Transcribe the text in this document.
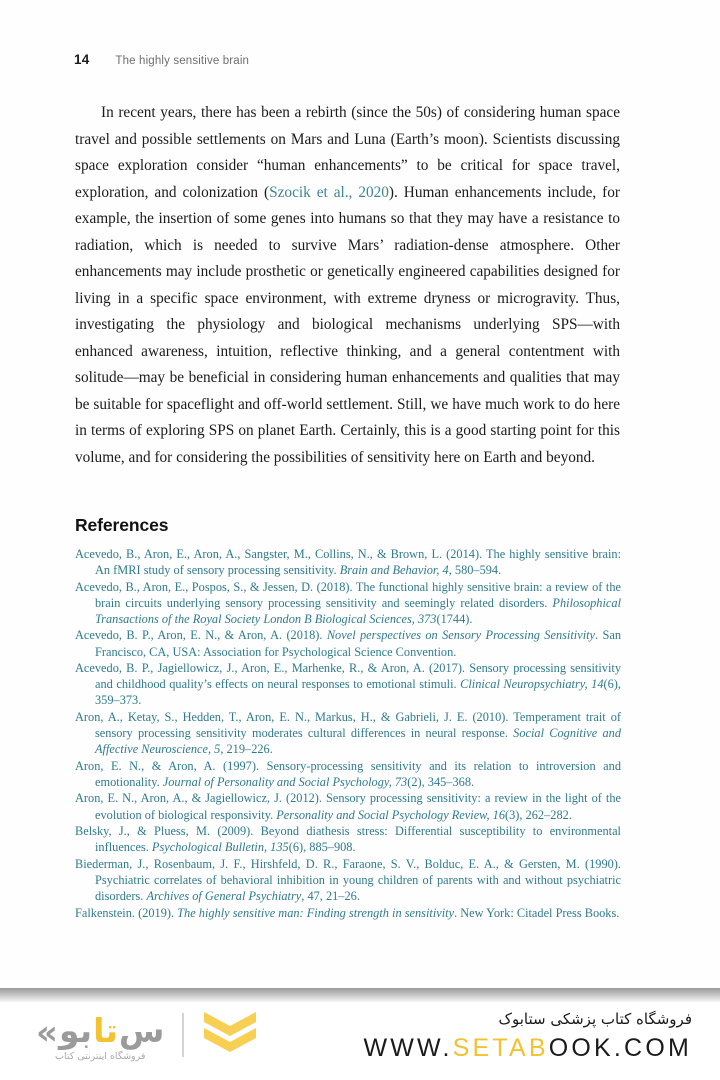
14 The highly sensitive brain

In recent years, there has been a rebirth (since the 50s) of considering human space travel and possible settlements on Mars and Luna (Earth’s moon). Scientists discussing space exploration consider “human enhancements” to be critical for space travel, exploration, and colonization (Szocik et al., 2020). Human enhancements include, for example, the insertion of some genes into humans so that they may have a resistance to radiation, which is needed to survive Mars’ radiation-dense atmosphere. Other enhancements may include prosthetic or genetically engineered capabilities designed for living in a specific space environment, with extreme dryness or microgravity. Thus, investigating the physiology and biological mechanisms underlying SPS—with enhanced awareness, intuition, reflective thinking, and a general contentment with solitude—may be beneficial in considering human enhancements and qualities that may be suitable for spaceflight and off-world settlement. Still, we have much work to do here in terms of exploring SPS on planet Earth. Certainly, this is a good starting point for this volume, and for considering the possibilities of sensitivity here on Earth and beyond.

References

Acevedo, B., Aron, E., Aron, A., Sangster, M., Collins, N., & Brown, L. (2014). The highly sensitive brain: An fMRI study of sensory processing sensitivity. Brain and Behavior, 4, 580–594.

Acevedo, B., Aron, E., Pospos, S., & Jessen, D. (2018). The functional highly sensitive brain: a review of the brain circuits underlying sensory processing sensitivity and seemingly related disorders. Philosophical Transactions of the Royal Society London B Biological Sciences, 373(1744).

Acevedo, B. P., Aron, E. N., & Aron, A. (2018). Novel perspectives on Sensory Processing Sensitivity. San Francisco, CA, USA: Association for Psychological Science Convention.

Acevedo, B. P., Jagiellowicz, J., Aron, E., Marhenke, R., & Aron, A. (2017). Sensory processing sensitivity and childhood quality’s effects on neural responses to emotional stimuli. Clinical Neuropsychiatry, 14(6), 359–373.

Aron, A., Ketay, S., Hedden, T., Aron, E. N., Markus, H., & Gabrieli, J. E. (2010). Temperament trait of sensory processing sensitivity moderates cultural differences in neural response. Social Cognitive and Affective Neuroscience, 5, 219–226.

Aron, E. N., & Aron, A. (1997). Sensory-processing sensitivity and its relation to introversion and emotionality. Journal of Personality and Social Psychology, 73(2), 345–368.

Aron, E. N., Aron, A., & Jagiellowicz, J. (2012). Sensory processing sensitivity: a review in the light of the evolution of biological responsivity. Personality and Social Psychology Review, 16(3), 262–282.

Belsky, J., & Pluess, M. (2009). Beyond diathesis stress: Differential susceptibility to environmental influences. Psychological Bulletin, 135(6), 885–908.

Biederman, J., Rosenbaum, J. F., Hirshfeld, D. R., Faraone, S. V., Bolduc, E. A., & Gersten, M. (1990). Psychiatric correlates of behavioral inhibition in young children of parents with and without psychiatric disorders. Archives of General Psychiatry, 47, 21–26.

Falkenstein. (2019). The highly sensitive man: Finding strength in sensitivity. New York: Citadel Press Books.

« بو تا س
فروشگاه اینترنتی کتاب
فروشگاه کتاب پزشکی ستابوک
WWW.SETABOOK.COM
